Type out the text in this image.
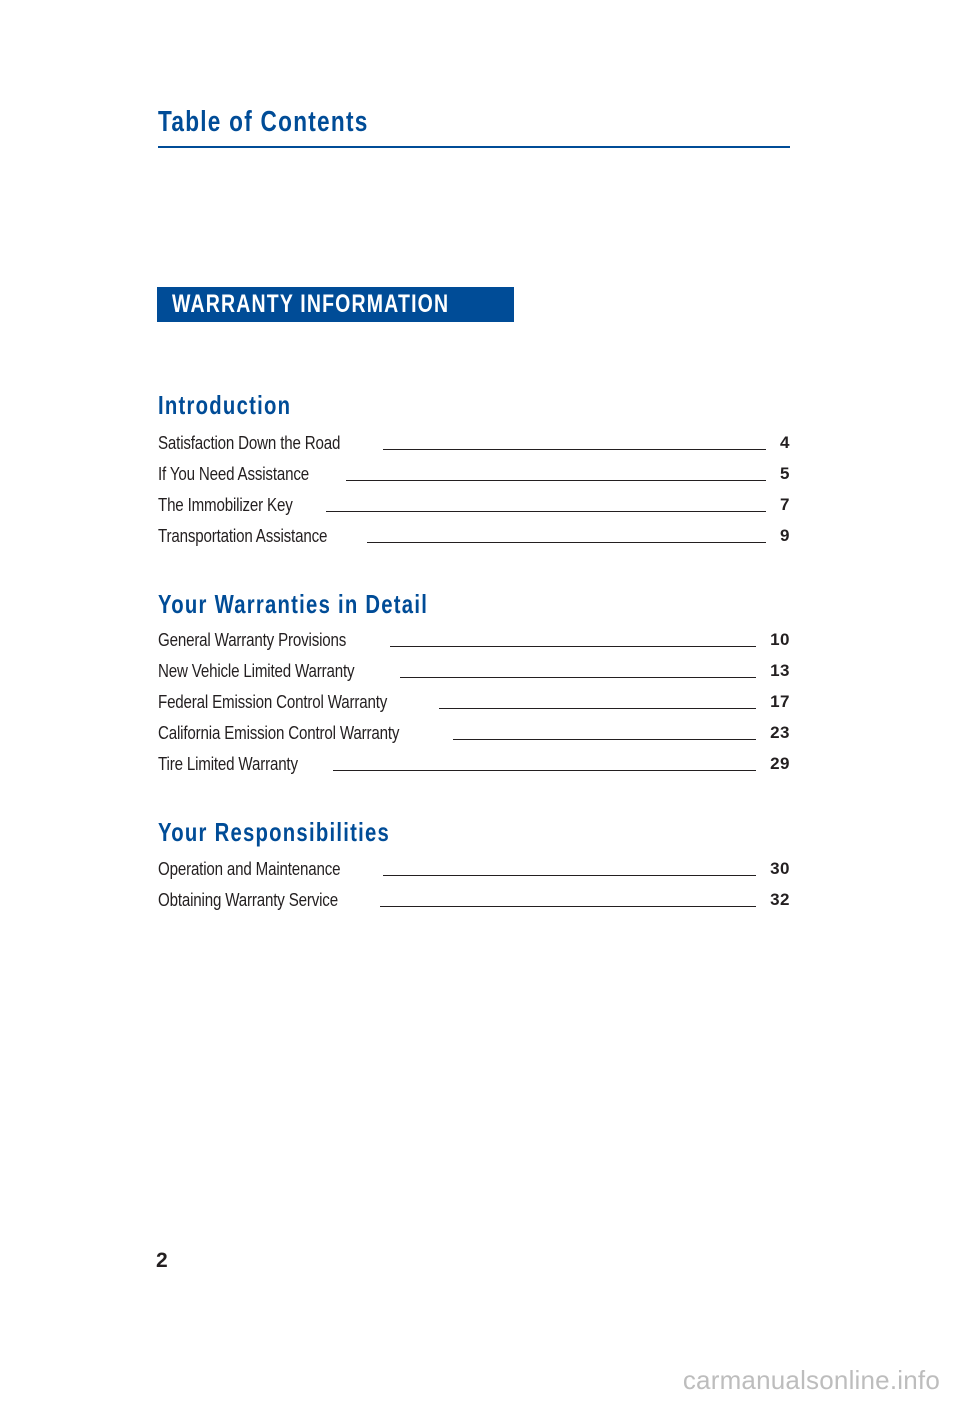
Table of Contents
WARRANTY INFORMATION
Introduction
Satisfaction Down the Road	4
If You Need Assistance	5
The Immobilizer Key	7
Transportation Assistance	9
Your Warranties in Detail
General Warranty Provisions	10
New Vehicle Limited Warranty	13
Federal Emission Control Warranty	17
California Emission Control Warranty	23
Tire Limited Warranty	29
Your Responsibilities
Operation and Maintenance	30
Obtaining Warranty Service	32
2
carmanualsonline.info
